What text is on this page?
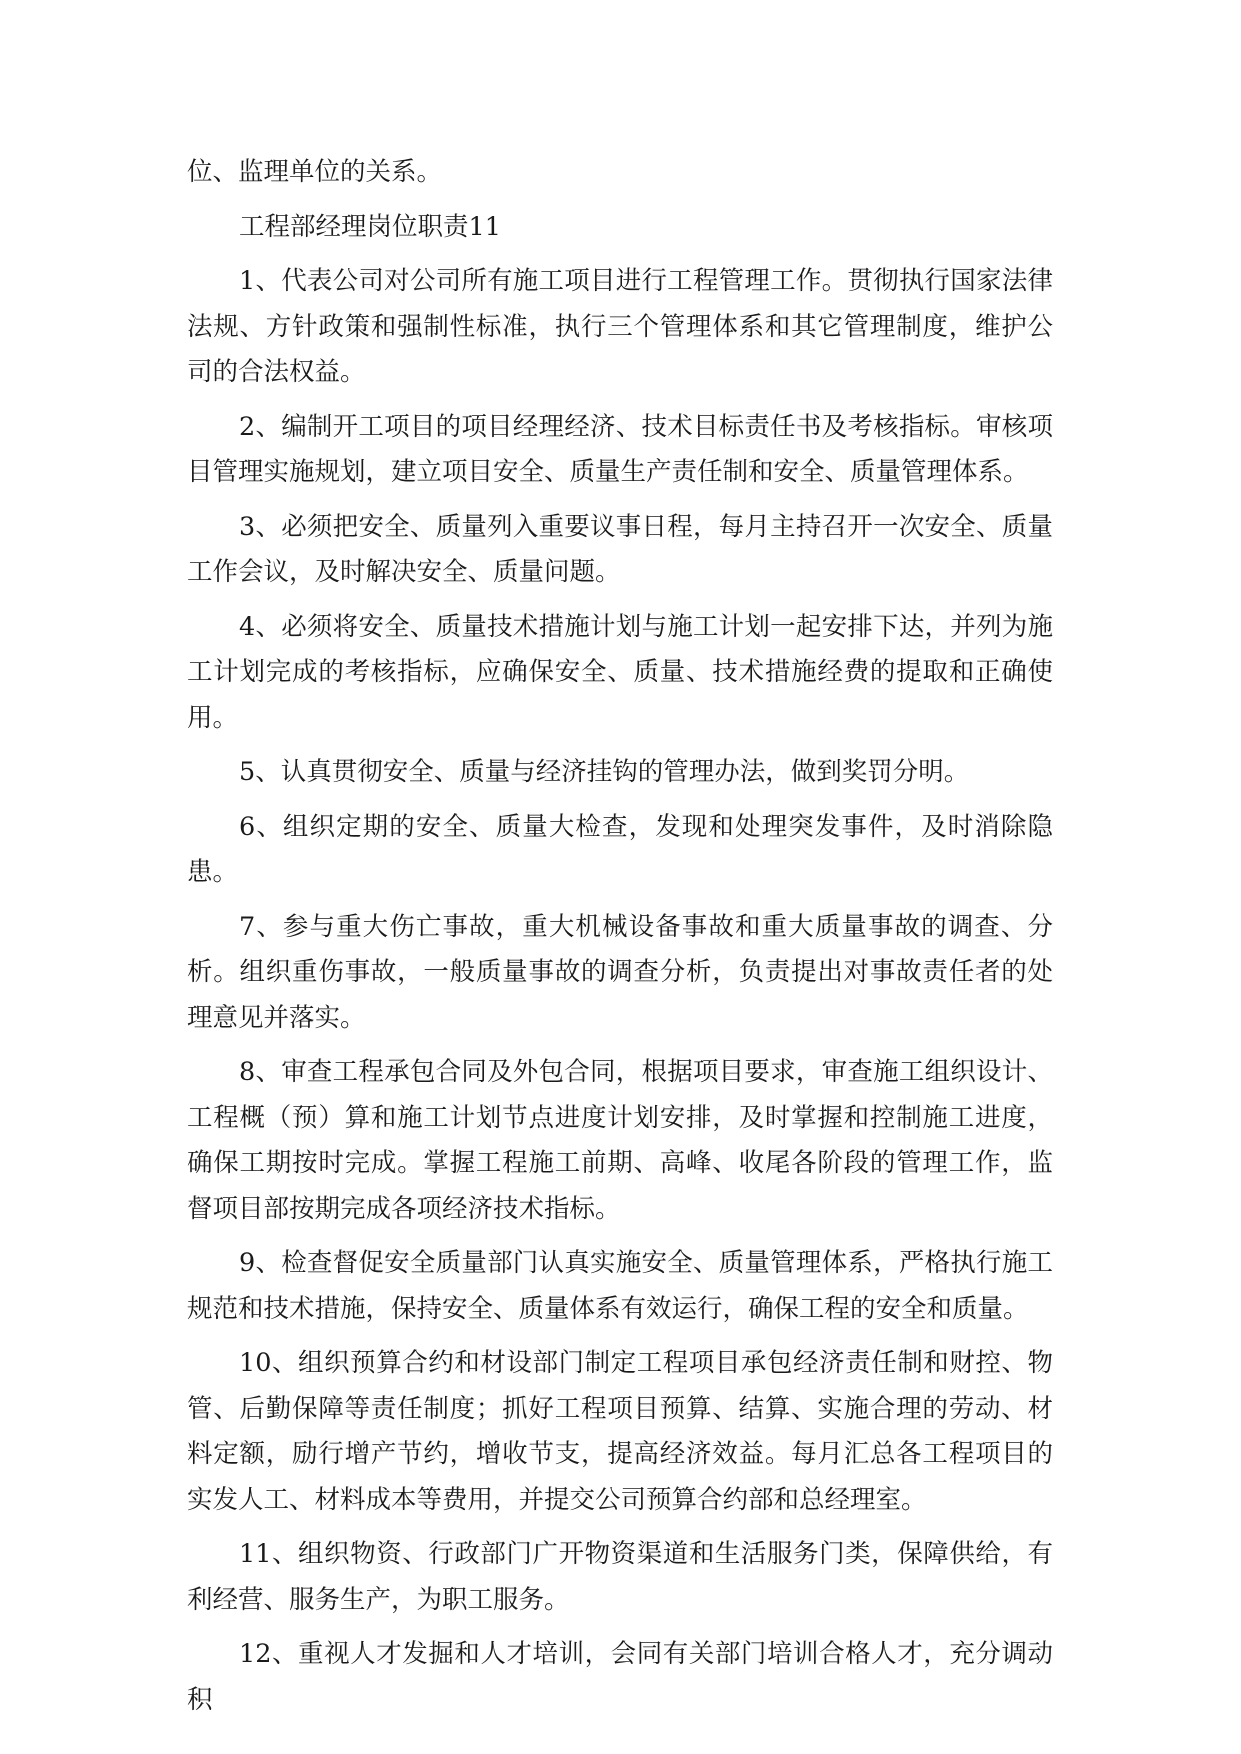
位、监理单位的关系。

工程部经理岗位职责11

1、代表公司对公司所有施工项目进行工程管理工作。贯彻执行国家法律法规、方针政策和强制性标准，执行三个管理体系和其它管理制度，维护公司的合法权益。

2、编制开工项目的项目经理经济、技术目标责任书及考核指标。审核项目管理实施规划，建立项目安全、质量生产责任制和安全、质量管理体系。

3、必须把安全、质量列入重要议事日程，每月主持召开一次安全、质量工作会议，及时解决安全、质量问题。

4、必须将安全、质量技术措施计划与施工计划一起安排下达，并列为施工计划完成的考核指标，应确保安全、质量、技术措施经费的提取和正确使用。

5、认真贯彻安全、质量与经济挂钩的管理办法，做到奖罚分明。

6、组织定期的安全、质量大检查，发现和处理突发事件，及时消除隐患。

7、参与重大伤亡事故，重大机械设备事故和重大质量事故的调查、分析。组织重伤事故，一般质量事故的调查分析，负责提出对事故责任者的处理意见并落实。

8、审查工程承包合同及外包合同，根据项目要求，审查施工组织设计、工程概（预）算和施工计划节点进度计划安排，及时掌握和控制施工进度，确保工期按时完成。掌握工程施工前期、高峰、收尾各阶段的管理工作，监督项目部按期完成各项经济技术指标。

9、检查督促安全质量部门认真实施安全、质量管理体系，严格执行施工规范和技术措施，保持安全、质量体系有效运行，确保工程的安全和质量。

10、组织预算合约和材设部门制定工程项目承包经济责任制和财控、物管、后勤保障等责任制度；抓好工程项目预算、结算、实施合理的劳动、材料定额，励行增产节约，增收节支，提高经济效益。每月汇总各工程项目的实发人工、材料成本等费用，并提交公司预算合约部和总经理室。

11、组织物资、行政部门广开物资渠道和生活服务门类，保障供给，有利经营、服务生产，为职工服务。

12、重视人才发掘和人才培训，会同有关部门培训合格人才，充分调动积
